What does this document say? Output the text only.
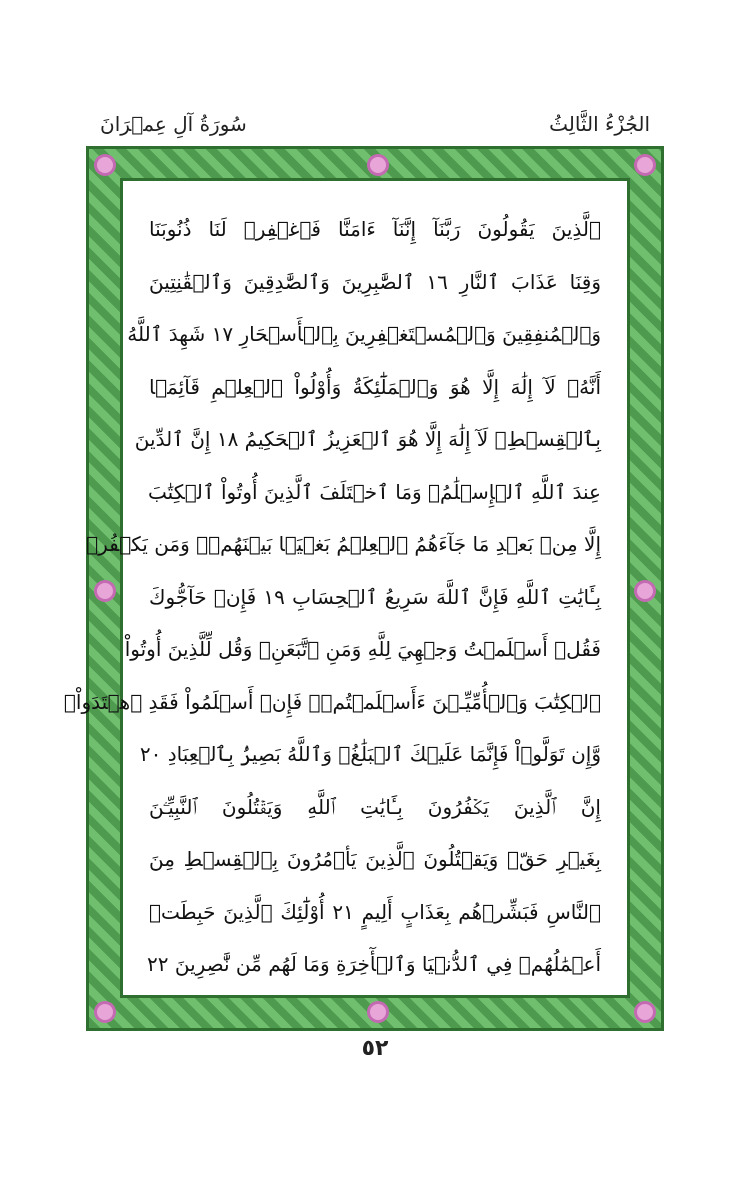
الجُزْءُ الثَّالِثُ
سُورَةُ آلِ عِمۡرَانَ
ٱلَّذِينَ يَقُولُونَ رَبَّنَآ إِنَّنَآ ءَامَنَّا فَٱغۡفِرۡ لَنَا ذُنُوبَنَا
وَقِنَا عَذَابَ ٱلنَّارِ ١٦ ٱلصَّٰبِرِينَ وَٱلصَّٰدِقِينَ وَٱلۡقَٰنِتِينَ
وَٱلۡمُنفِقِينَ وَٱلۡمُسۡتَغۡفِرِينَ بِٱلۡأَسۡحَارِ ١٧ شَهِدَ ٱللَّهُ
أَنَّهُۥ لَآ إِلَٰهَ إِلَّا هُوَ وَٱلۡمَلَٰٓئِكَةُ وَأُوْلُواْ ٱلۡعِلۡمِ قَآئِمَۢا
بِٱلۡقِسۡطِۚ لَآ إِلَٰهَ إِلَّا هُوَ ٱلۡعَزِيزُ ٱلۡحَكِيمُ ١٨ إِنَّ ٱلدِّينَ
عِندَ ٱللَّهِ ٱلۡإِسۡلَٰمُۗ وَمَا ٱخۡتَلَفَ ٱلَّذِينَ أُوتُواْ ٱلۡكِتَٰبَ
إِلَّا مِنۢ بَعۡدِ مَا جَآءَهُمُ ٱلۡعِلۡمُ بَغۡيَۢا بَيۡنَهُمۡۗ وَمَن يَكۡفُرۡ
بِـَٔايَٰتِ ٱللَّهِ فَإِنَّ ٱللَّهَ سَرِيعُ ٱلۡحِسَابِ ١٩ فَإِنۡ حَآجُّوكَ
فَقُلۡ أَسۡلَمۡتُ وَجۡهِيَ لِلَّهِ وَمَنِ ٱتَّبَعَنِۗ وَقُل لِّلَّذِينَ أُوتُواْ
ٱلۡكِتَٰبَ وَٱلۡأُمِّيِّـۧنَ ءَأَسۡلَمۡتُمۡۚ فَإِنۡ أَسۡلَمُواْ فَقَدِ ٱهۡتَدَواْۖ
وَّإِن تَوَلَّوۡاْ فَإِنَّمَا عَلَيۡكَ ٱلۡبَلَٰغُۗ وَٱللَّهُ بَصِيرُۢ بِٱلۡعِبَادِ ٢٠
إِنَّ ٱلَّذِينَ يَكۡفُرُونَ بِـَٔايَٰتِ ٱللَّهِ وَيَقۡتُلُونَ ٱلنَّبِيِّـۧنَ
بِغَيۡرِ حَقّٖ وَيَقۡتُلُونَ ٱلَّذِينَ يَأۡمُرُونَ بِٱلۡقِسۡطِ مِنَ
ٱلنَّاسِ فَبَشِّرۡهُم بِعَذَابٍ أَلِيمٍ ٢١ أُوْلَٰٓئِكَ ٱلَّذِينَ حَبِطَتۡ
أَعۡمَٰلُهُمۡ فِي ٱلدُّنۡيَا وَٱلۡأٓخِرَةِ وَمَا لَهُم مِّن نَّٰصِرِينَ ٢٢
٥٢
